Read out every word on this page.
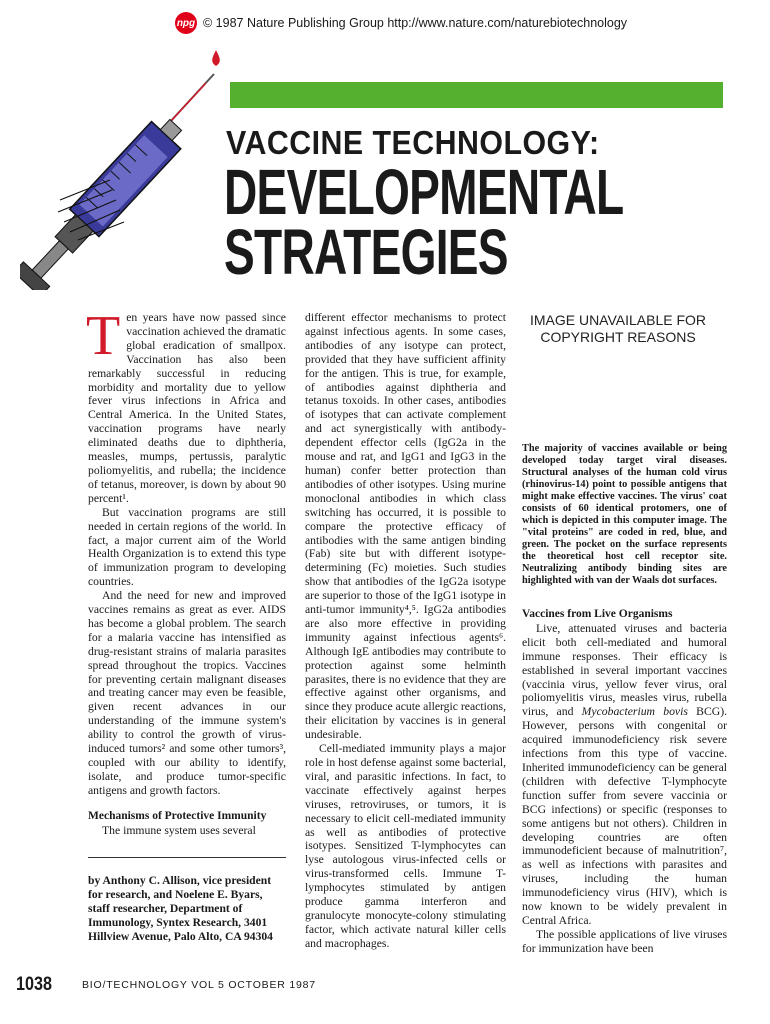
npg © 1987 Nature Publishing Group http://www.nature.com/naturebiotechnology
VACCINE TECHNOLOGY:
DEVELOPMENTAL
STRATEGIES

Ten years have now passed since vaccination achieved the dramatic global eradication of smallpox. Vaccination has also been remarkably successful in reducing morbidity and mortality due to yellow fever virus infections in Africa and Central America. In the United States, vaccination programs have nearly eliminated deaths due to diphtheria, measles, mumps, pertussis, paralytic poliomyelitis, and rubella; the incidence of tetanus, moreover, is down by about 90 percent¹.

But vaccination programs are still needed in certain regions of the world. In fact, a major current aim of the World Health Organization is to extend this type of immunization program to developing countries.

And the need for new and improved vaccines remains as great as ever. AIDS has become a global problem. The search for a malaria vaccine has intensified as drug-resistant strains of malaria parasites spread throughout the tropics. Vaccines for preventing certain malignant diseases and treating cancer may even be feasible, given recent advances in our understanding of the immune system's ability to control the growth of virus-induced tumors² and some other tumors³, coupled with our ability to identify, isolate, and produce tumor-specific antigens and growth factors.

Mechanisms of Protective Immunity

The immune system uses several

by Anthony C. Allison, vice president for research, and Noelene E. Byars, staff researcher, Department of Immunology, Syntex Research, 3401 Hillview Avenue, Palo Alto, CA 94304

different effector mechanisms to protect against infectious agents. In some cases, antibodies of any isotype can protect, provided that they have sufficient affinity for the antigen. This is true, for example, of antibodies against diphtheria and tetanus toxoids. In other cases, antibodies of isotypes that can activate complement and act synergistically with antibody-dependent effector cells (IgG2a in the mouse and rat, and IgG1 and IgG3 in the human) confer better protection than antibodies of other isotypes. Using murine monoclonal antibodies in which class switching has occurred, it is possible to compare the protective efficacy of antibodies with the same antigen binding (Fab) site but with different isotype-determining (Fc) moieties. Such studies show that antibodies of the IgG2a isotype are superior to those of the IgG1 isotype in anti-tumor immunity⁴,⁵. IgG2a antibodies are also more effective in providing immunity against infectious agents⁶. Although IgE antibodies may contribute to protection against some helminth parasites, there is no evidence that they are effective against other organisms, and since they produce acute allergic reactions, their elicitation by vaccines is in general undesirable.

Cell-mediated immunity plays a major role in host defense against some bacterial, viral, and parasitic infections. In fact, to vaccinate effectively against herpes viruses, retroviruses, or tumors, it is necessary to elicit cell-mediated immunity as well as antibodies of protective isotypes. Sensitized T-lymphocytes can lyse autologous virus-infected cells or virus-transformed cells. Immune T-lymphocytes stimulated by antigen produce gamma interferon and granulocyte monocyte-colony stimulating factor, which activate natural killer cells and macrophages.

IMAGE UNAVAILABLE FOR COPYRIGHT REASONS
The majority of vaccines available or being developed today target viral diseases. Structural analyses of the human cold virus (rhinovirus-14) point to possible antigens that might make effective vaccines. The virus' coat consists of 60 identical protomers, one of which is depicted in this computer image. The "vital proteins" are coded in red, blue, and green. The pocket on the surface represents the theoretical host cell receptor site. Neutralizing antibody binding sites are highlighted with van der Waals dot surfaces.
Vaccines from Live Organisms

Live, attenuated viruses and bacteria elicit both cell-mediated and humoral immune responses. Their efficacy is established in several important vaccines (vaccinia virus, yellow fever virus, oral poliomyelitis virus, measles virus, rubella virus, and Mycobacterium bovis BCG). However, persons with congenital or acquired immunodeficiency risk severe infections from this type of vaccine. Inherited immunodeficiency can be general (children with defective T-lymphocyte function suffer from severe vaccinia or BCG infections) or specific (responses to some antigens but not others). Children in developing countries are often immunodeficient because of malnutrition⁷, as well as infections with parasites and viruses, including the human immunodeficiency virus (HIV), which is now known to be widely prevalent in Central Africa.

The possible applications of live viruses for immunization have been

1038	BIO/TECHNOLOGY VOL 5 OCTOBER 1987
